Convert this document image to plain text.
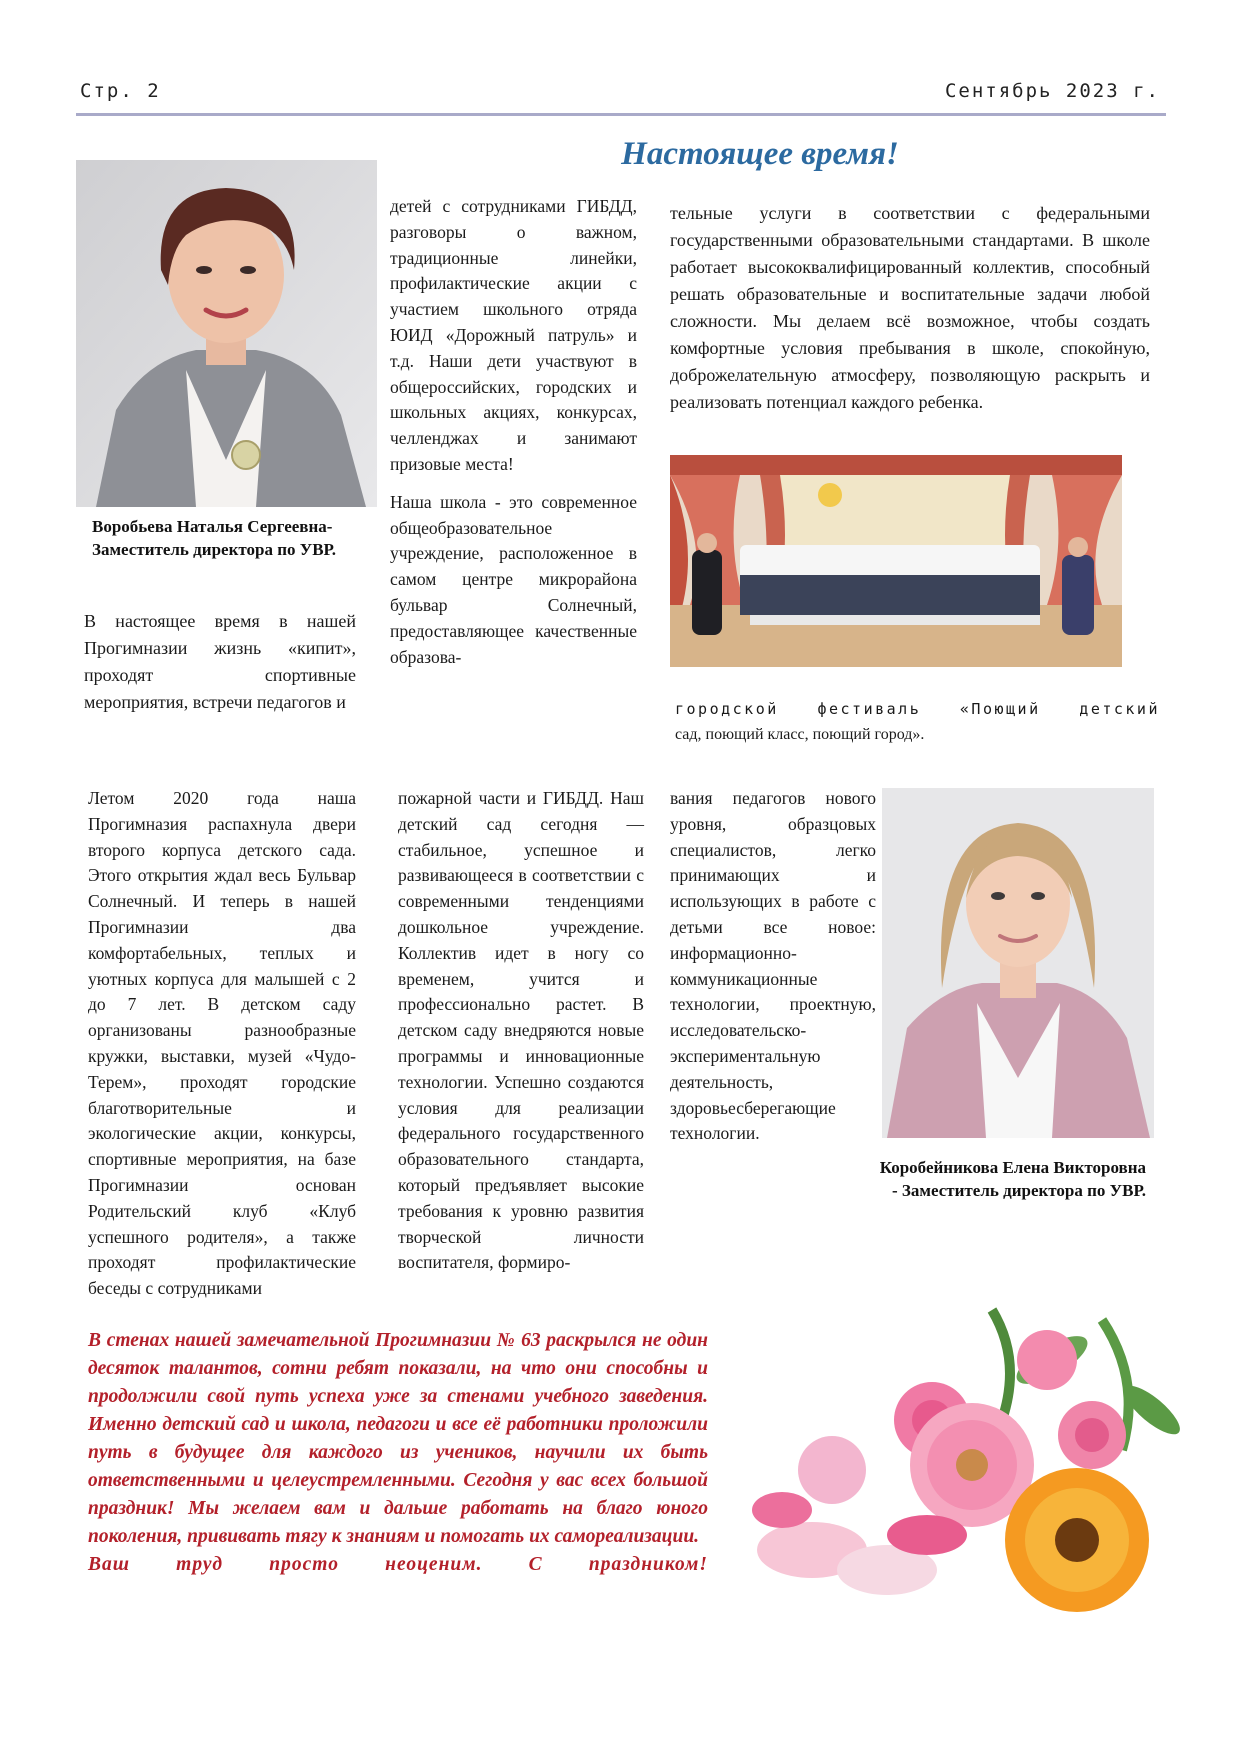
Стр. 2	Сентябрь 2023 г.
Настоящее время!
Воробьева Наталья Сергеевна-
Заместитель директора по УВР.

В настоящее время в нашей Прогимназии жизнь «кипит», проходят спортивные мероприятия, встречи педагогов и

детей с сотрудниками ГИБДД, разговоры о важном, традиционные линейки, профилактические акции с участием школьного отряда ЮИД «Дорожный патруль» и т.д. Наши дети участвуют в общероссийских, городских и школьных акциях, конкурсах, челленджах и занимают призовые места!

Наша школа - это современное общеобразовательное учреждение, расположенное в самом центре микрорайона бульвар Солнечный, предоставляющее качественные образова-

тельные услуги в соответствии с федеральными государственными образовательными стандартами. В школе работает высококвалифицированный коллектив, способный решать образовательные и воспитательные задачи любой сложности. Мы делаем всё возможное, чтобы создать комфортные условия пребывания в школе, спокойную, доброжелательную атмосферу, позволяющую раскрыть и реализовать потенциал каждого ребенка.

городской фестиваль «Поющий детский
сад, поющий класс, поющий город».

Летом 2020 года наша Прогимназия распахнула двери второго корпуса детского сада. Этого открытия ждал весь Бульвар Солнечный. И теперь в нашей Прогимназии два комфортабельных, теплых и уютных корпуса для малышей с 2 до 7 лет. В детском саду организованы разнообразные кружки, выставки, музей «Чудо-Терем», проходят городские благотворительные и экологические акции, конкурсы, спортивные мероприятия, на базе Прогимназии основан Родительский клуб «Клуб успешного родителя», а также проходят профилактические беседы с сотрудниками

пожарной части и ГИБДД. Наш детский сад сегодня — стабильное, успешное и развивающееся в соответствии с современными тенденциями дошкольное учреждение. Коллектив идет в ногу со временем, учится и профессионально растет. В детском саду внедряются новые программы и инновационные технологии. Успешно создаются условия для реализации федерального государственного образовательного стандарта, который предъявляет высокие требования к уровню развития творческой личности воспитателя, формиро-

вания педагогов нового уровня, образцовых специалистов, легко принимающих и использующих в работе с детьми все новое: информационно-коммуникационные технологии, проектную, исследовательско-экспериментальную деятельность, здоровьесберегающие технологии.

Коробейникова Елена Викторовна
- Заместитель директора по УВР.
В стенах нашей замечательной Прогимназии № 63 раскрылся не один десяток талантов, сотни ребят показали, на что они способны и продолжили свой путь успеха уже за стенами учебного заведения. Именно детский сад и школа, педагоги и все её работники проложили путь в будущее для каждого из учеников, научили их быть ответственными и целеустремленными. Сегодня у вас всех большой праздник! Мы желаем вам и дальше работать на благо юного поколения, прививать тягу к знаниям и помогать их самореализации.
Ваш труд просто неоценим. С праздником!
